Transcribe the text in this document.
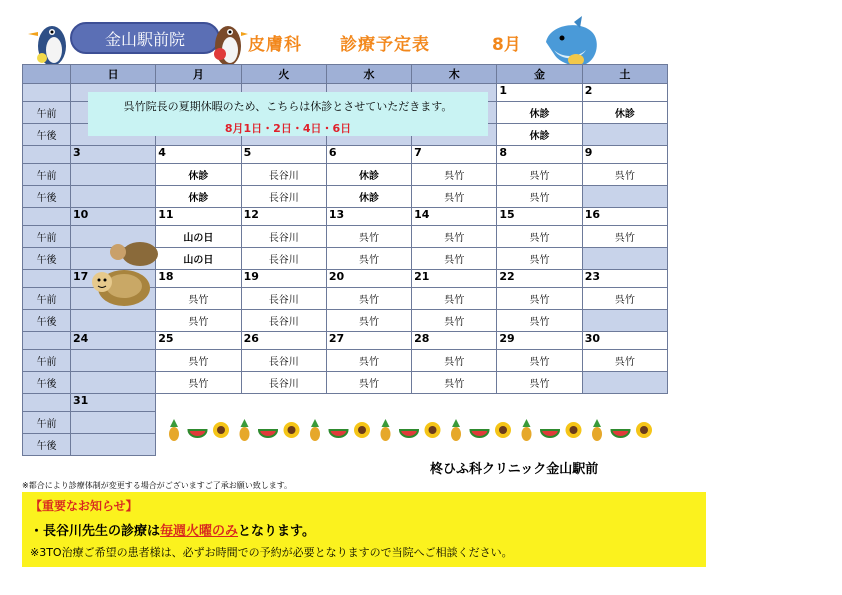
金山駅前院	皮膚科 診療予定表	8月
	日	月	火	水	木	金	土
						1	2
午前						休診	休診
午後						休診	
	3	4	5	6	7	8	9
午前		休診	長谷川	休診	呉竹	呉竹	呉竹
午後		休診	長谷川	休診	呉竹	呉竹	
	10	11	12	13	14	15	16
午前		山の日	長谷川	呉竹	呉竹	呉竹	呉竹
午後		山の日	長谷川	呉竹	呉竹	呉竹	
	17	18	19	20	21	22	23
午前		呉竹	長谷川	呉竹	呉竹	呉竹	呉竹
午後		呉竹	長谷川	呉竹	呉竹	呉竹	
	24	25	26	27	28	29	30
午前		呉竹	長谷川	呉竹	呉竹	呉竹	呉竹
午後		呉竹	長谷川	呉竹	呉竹	呉竹	
	31						
午前							
午後							
呉竹院長の夏期休暇のため、こちらは休診とさせていただきます。
8月1日・2日・4日・6日
柊ひふ科クリニック金山駅前
※都合により診療体制が変更する場合がございますご了承お願い致します。
【重要なお知らせ】
・長谷川先生の診療は毎週火曜のみとなります。
※3TO治療ご希望の患者様は、必ずお時間での予約が必要となりますので当院へご相談ください。
